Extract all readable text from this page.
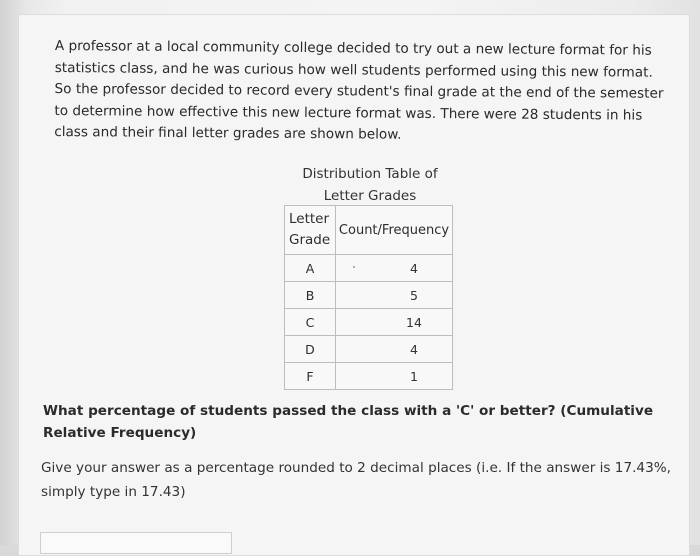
A professor at a local community college decided to try out a new lecture format for his statistics class, and he was curious how well students performed using this new format. So the professor decided to record every student's final grade at the end of the semester to determine how effective this new lecture format was. There were 28 students in his class and their final letter grades are shown below.
Distribution Table of
Letter Grades
Letter
Grade	Count/Frequency
A	4
B	5
C	14
D	4
F	1
What percentage of students passed the class with a 'C' or better? (Cumulative Relative Frequency)
Give your answer as a percentage rounded to 2 decimal places (i.e. If the answer is 17.43%, simply type in 17.43)
